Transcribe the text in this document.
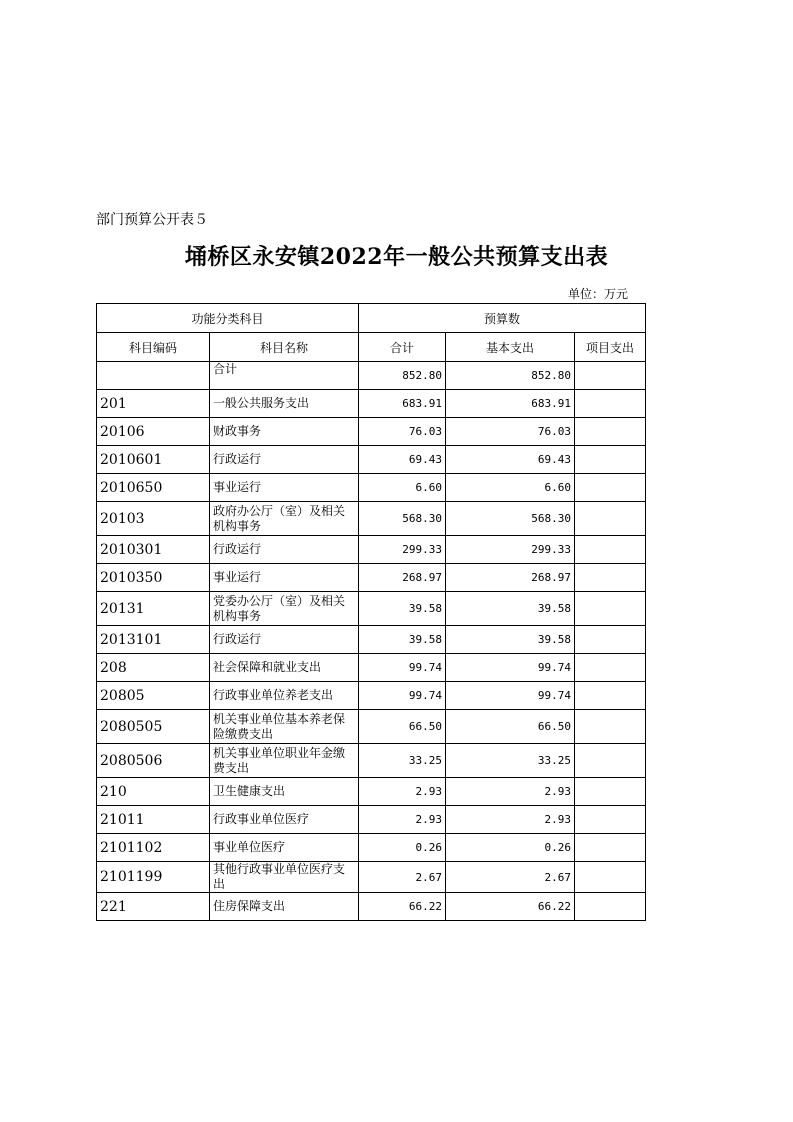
部门预算公开表５
埇桥区永安镇2022年一般公共预算支出表
单位：万元
功能分类科目		预算数		
科目编码	科目名称	合计	基本支出	项目支出
	合计	852.80	852.80	
201	一般公共服务支出	683.91	683.91	
20106	财政事务	76.03	76.03	
2010601	行政运行	69.43	69.43	
2010650	事业运行	6.60	6.60	
20103	政府办公厅（室）及相关机构事务	568.30	568.30	
2010301	行政运行	299.33	299.33	
2010350	事业运行	268.97	268.97	
20131	党委办公厅（室）及相关机构事务	39.58	39.58	
2013101	行政运行	39.58	39.58	
208	社会保障和就业支出	99.74	99.74	
20805	行政事业单位养老支出	99.74	99.74	
2080505	机关事业单位基本养老保险缴费支出	66.50	66.50	
2080506	机关事业单位职业年金缴费支出	33.25	33.25	
210	卫生健康支出	2.93	2.93	
21011	行政事业单位医疗	2.93	2.93	
2101102	事业单位医疗	0.26	0.26	
2101199	其他行政事业单位医疗支出	2.67	2.67	
221	住房保障支出	66.22	66.22	
